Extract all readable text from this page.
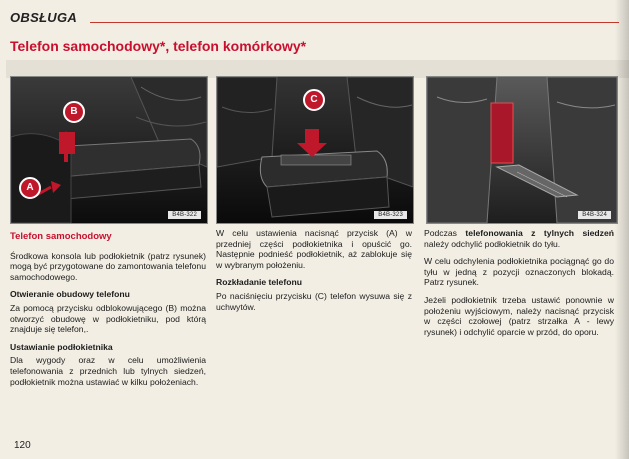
OBSŁUGA
Telefon samochodowy*, telefon komórkowy*
B
A
B4B-322
C
B4B-323	B4B-324

Telefon samochodowy

Środkowa konsola lub podłokietnik (patrz rysunek) mogą być przygotowane do zamontowania telefonu samochodowego.

Otwieranie obudowy telefonu

Za pomocą przycisku odblokowującego (B) można otworzyć obudowę w podłokietniku, pod którą znajduje się telefon,.

Ustawianie podłokietnika

Dla wygody oraz w celu umożliwienia telefonowania z przednich lub tylnych siedzeń, podłokietnik można ustawiać w kilku położeniach.

W celu ustawienia nacisnąć przycisk (A) w przedniej części podłokietnika i opuścić go. Następnie podnieść podłokietnik, aż zablokuje się w wybranym położeniu.

Rozkładanie telefonu

Po naciśnięciu przycisku (C) telefon wysuwa się z uchwytów.

Podczas telefonowania z tylnych siedzeń należy odchylić podłokietnik do tyłu.

W celu odchylenia podłokietnika pociągnąć go do tyłu w jedną z pozycji oznaczonych blokadą. Patrz rysunek.

Jeżeli podłokietnik trzeba ustawić ponownie w położeniu wyjściowym, należy nacisnąć przycisk w części czołowej (patrz strzałka A - lewy rysunek) i odchylić oparcie w przód, do oporu.

120
